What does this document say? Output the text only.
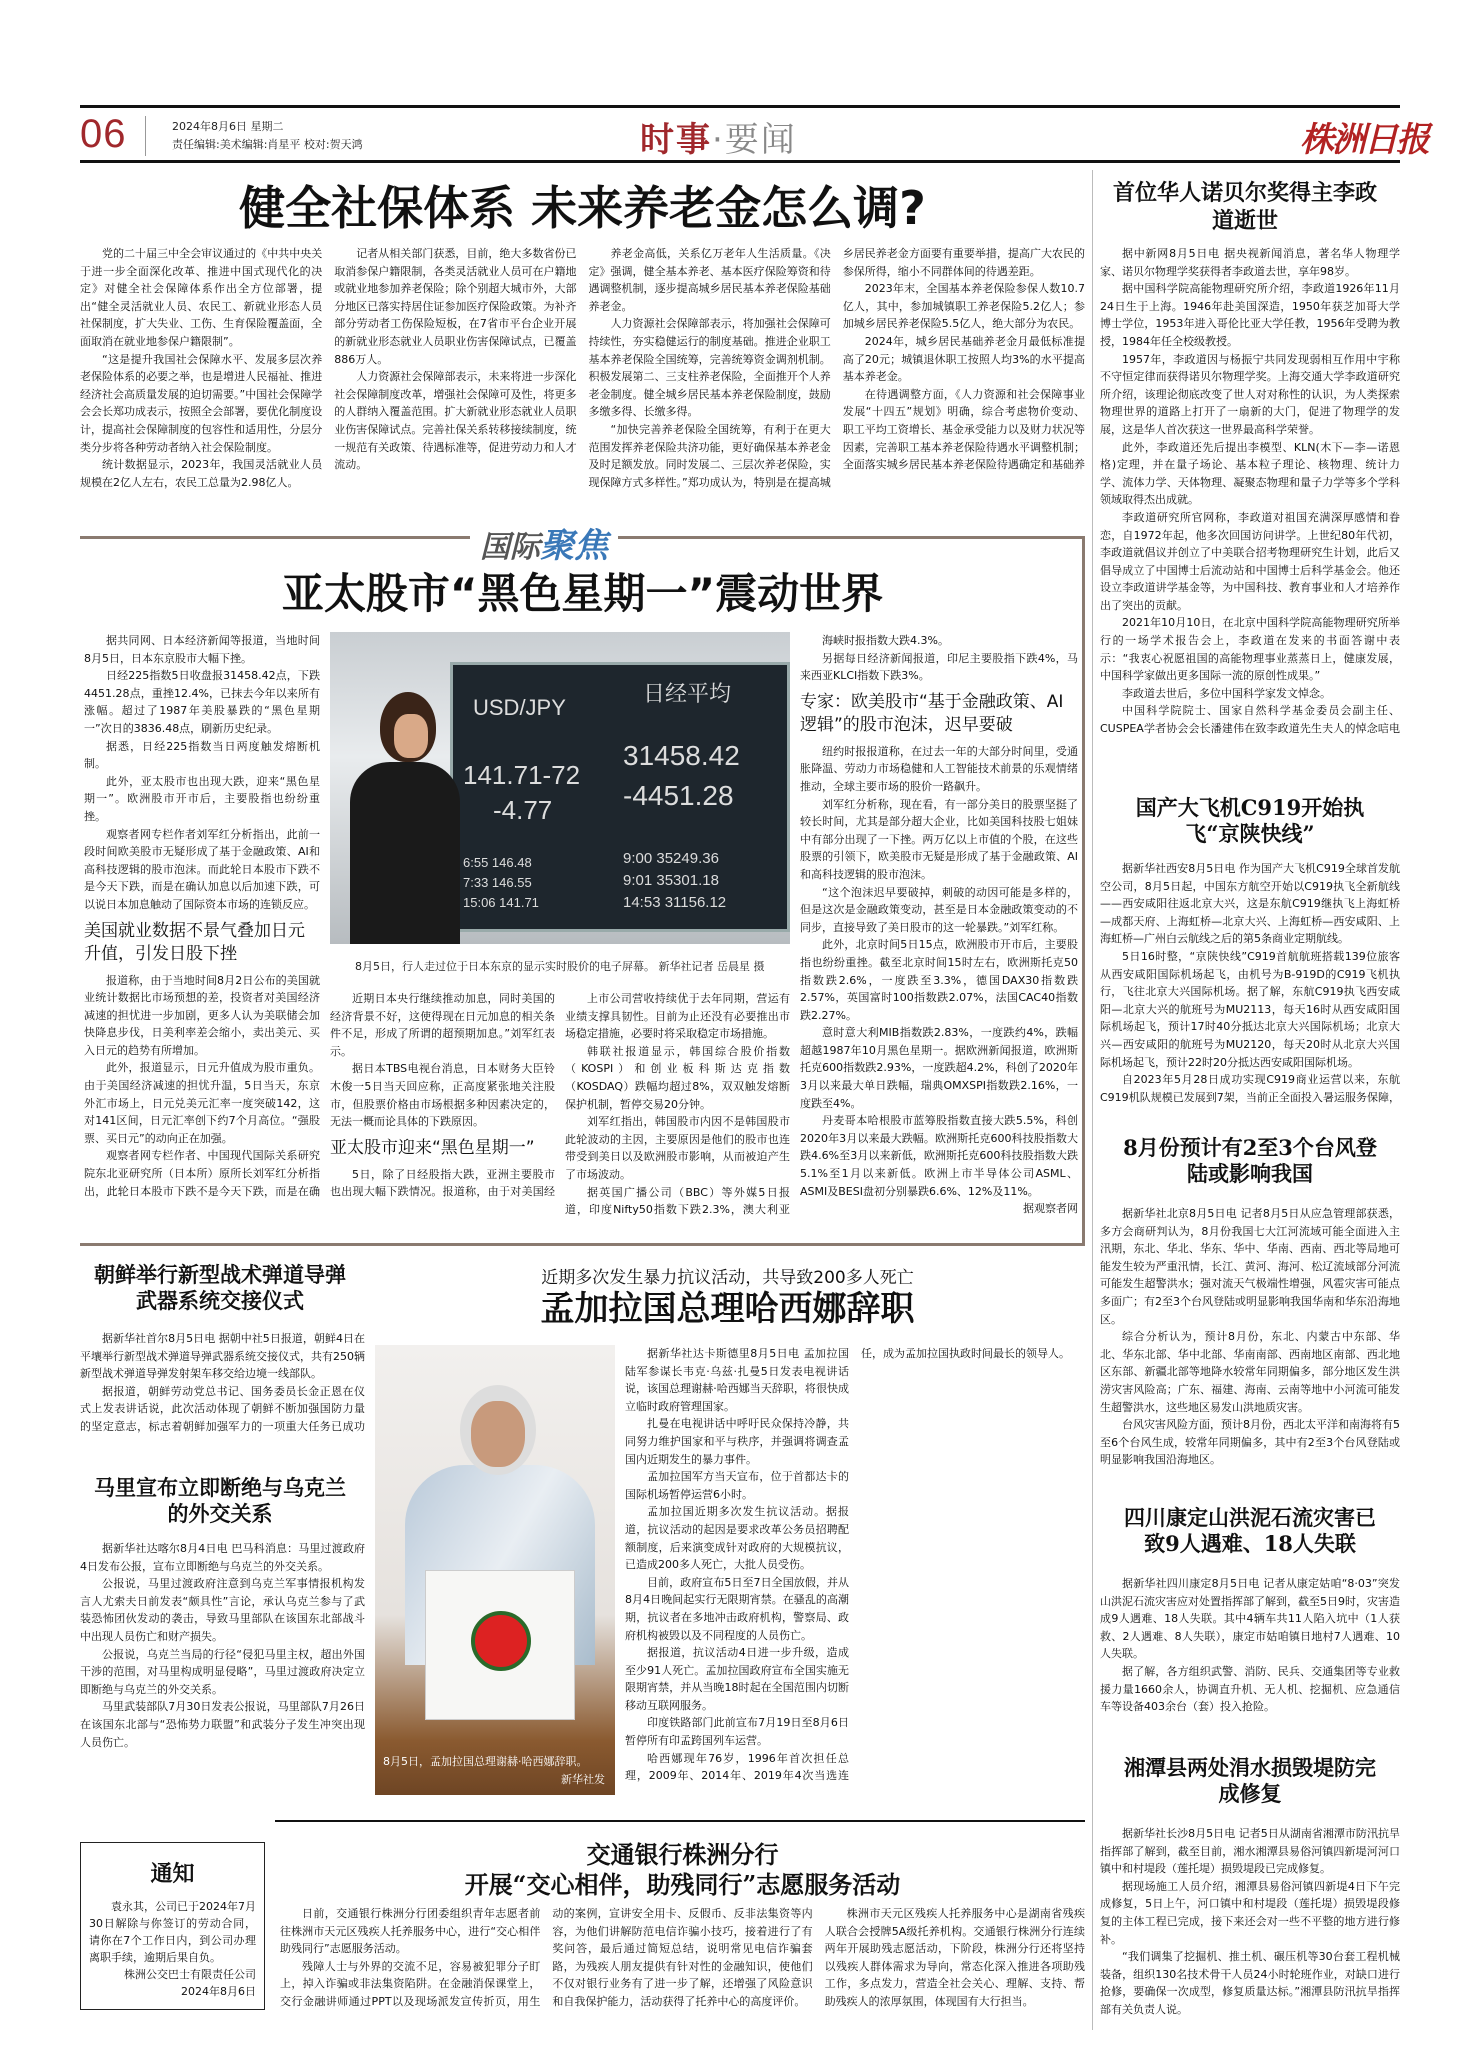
06	2024年8月6日 星期二
责任编辑:美术编辑:肖星平 校对:贺天鸿	时事·要闻	株洲日报
健全社保体系 未来养老金怎么调?

党的二十届三中全会审议通过的《中共中央关于进一步全面深化改革、推进中国式现代化的决定》对健全社会保障体系作出全方位部署，提出“健全灵活就业人员、农民工、新就业形态人员社保制度，扩大失业、工伤、生育保险覆盖面，全面取消在就业地参保户籍限制”。

“这是提升我国社会保障水平、发展多层次养老保险体系的必要之举，也是增进人民福祉、推进经济社会高质量发展的迫切需要。”中国社会保障学会会长郑功成表示，按照全会部署，要优化制度设计，提高社会保障制度的包容性和适用性，分层分类分步将各种劳动者纳入社会保险制度。

统计数据显示，2023年，我国灵活就业人员规模在2亿人左右，农民工总量为2.98亿人。

记者从相关部门获悉，目前，绝大多数省份已取消参保户籍限制，各类灵活就业人员可在户籍地或就业地参加养老保险；除个别超大城市外，大部分地区已落实持居住证参加医疗保险政策。为补齐部分劳动者工伤保险短板，在7省市平台企业开展的新就业形态就业人员职业伤害保障试点，已覆盖886万人。

人力资源社会保障部表示，未来将进一步深化社会保障制度改革，增强社会保障可及性，将更多的人群纳入覆盖范围。扩大新就业形态就业人员职业伤害保障试点。完善社保关系转移接续制度，统一规范有关政策、待遇标准等，促进劳动力和人才流动。

养老金高低，关系亿万老年人生活质量。《决定》强调，健全基本养老、基本医疗保险筹资和待遇调整机制，逐步提高城乡居民基本养老保险基础养老金。

人力资源社会保障部表示，将加强社会保障可持续性，夯实稳健运行的制度基础。推进企业职工基本养老保险全国统筹，完善统筹资金调剂机制。积极发展第二、三支柱养老保险，全面推开个人养老金制度。健全城乡居民基本养老保险制度，鼓励多缴多得、长缴多得。

“加快完善养老保险全国统筹，有利于在更大范围发挥养老保险共济功能，更好确保基本养老金及时足额发放。同时发展二、三层次养老保险，实现保障方式多样性。”郑功成认为，特别是在提高城乡居民养老金方面要有重要举措，提高广大农民的参保所得，缩小不同群体间的待遇差距。

2023年末，全国基本养老保险参保人数10.7亿人，其中，参加城镇职工养老保险5.2亿人；参加城乡居民养老保险5.5亿人，绝大部分为农民。

2024年，城乡居民基础养老金月最低标准提高了20元；城镇退休职工按照人均3%的水平提高基本养老金。

在待遇调整方面，《人力资源和社会保障事业发展“十四五”规划》明确，综合考虑物价变动、职工平均工资增长、基金承受能力以及财力状况等因素，完善职工基本养老保险待遇水平调整机制；全面落实城乡居民基本养老保险待遇确定和基础养

国际聚焦
亚太股市“黑色星期一”震动世界

据共同网、日本经济新闻等报道，当地时间8月5日，日本东京股市大幅下挫。

日经225指数5日收盘报31458.42点，下跌4451.28点，重挫12.4%，已抹去今年以来所有涨幅。超过了1987年美股暴跌的“黑色星期一”次日的3836.48点，刷新历史纪录。

据悉，日经225指数当日两度触发熔断机制。

此外，亚太股市也出现大跌，迎来“黑色星期一”。欧洲股市开市后，主要股指也纷纷重挫。

观察者网专栏作者刘军红分析指出，此前一段时间欧美股市无疑形成了基于金融政策、AI和高科技逻辑的股市泡沫。而此轮日本股市下跌不是今天下跌，而是在确认加息以后加速下跌，可以说日本加息触动了国际资本市场的连锁反应。

美国就业数据不景气叠加日元升值，引发日股下挫

报道称，由于当地时间8月2日公布的美国就业统计数据比市场预想的差，投资者对美国经济减速的担忧进一步加剧，更多人认为美联储会加快降息步伐，日美利率差会缩小，卖出美元、买入日元的趋势有所增加。

此外，报道显示，日元升值成为股市重负。由于美国经济减速的担忧升温，5日当天，东京外汇市场上，日元兑美元汇率一度突破142，这对141区间，日元汇率创下约7个月高位。“强股票、买日元”的动向正在加强。

观察者网专栏作者、中国现代国际关系研究院东北亚研究所（日本所）原所长刘军红分析指出，此轮日本股市下跌不是今天下跌，而是在确

USD/JPY
141.71-72
-4.77
日经平均
31458.42
-4451.28
9:00 35249.36
9:01 35301.18
14:53 31156.12
6:55 146.48
7:33 146.55
15:06 141.71
8月5日，行人走过位于日本东京的显示实时股价的电子屏幕。 新华社记者 岳晨星 摄

近期日本央行继续推动加息，同时美国的经济背景不好，这使得现在日元加息的相关条件不足，形成了所谓的超预期加息。”刘军红表示。

据日本TBS电视台消息，日本财务大臣铃木俊一5日当天回应称，正高度紧张地关注股市，但股票价格由市场根据多种因素决定的，无法一概而论具体的下跌原因。

亚太股市迎来“黑色星期一”

5日，除了日经股指大跌，亚洲主要股市也出现大幅下跌情况。报道称，由于对美国经

上市公司营收持续优于去年同期，营运有业绩支撑具韧性。目前为止还没有必要推出市场稳定措施，必要时将采取稳定市场措施。

韩联社报道显示，韩国综合股价指数（KOSPI）和创业板科斯达克指数（KOSDAQ）跌幅均超过8%，双双触发熔断保护机制，暂停交易20分钟。

刘军红指出，韩国股市内因不是韩国股市此轮波动的主因，主要原因是他们的股市也连带受到美日以及欧洲股市影响，从而被迫产生了市场波动。

据英国广播公司（BBC）等外媒5日报道，印度Nifty50指数下跌2.3%，澳大利亚

海峡时报指数大跌4.3%。

另据每日经济新闻报道，印尼主要股指下跌4%，马来西亚KLCI指数下跌3%。

专家：欧美股市“基于金融政策、AI逻辑”的股市泡沫，迟早要破

纽约时报报道称，在过去一年的大部分时间里，受通胀降温、劳动力市场稳健和人工智能技术前景的乐观情绪推动，全球主要市场的股价一路飙升。

刘军红分析称，现在看，有一部分美日的股票坚挺了较长时间，尤其是部分超大企业，比如美国科技股七姐妹中有部分出现了一下挫。两万亿以上市值的个股，在这些股票的引领下，欧美股市无疑是形成了基于金融政策、AI和高科技逻辑的股市泡沫。

“这个泡沫迟早要破掉，刺破的动因可能是多样的，但是这次是金融政策变动，甚至是日本金融政策变动的不同步，直接导致了美日股市的这一轮暴跌。”刘军红称。

此外，北京时间5日15点，欧洲股市开市后，主要股指也纷纷重挫。截至北京时间15时左右，欧洲斯托克50指数跌2.6%，一度跌至3.3%，德国DAX30指数跌2.57%，英国富时100指数跌2.07%，法国CAC40指数跌2.27%。

意时意大利MIB指数跌2.83%，一度跌约4%，跌幅超越1987年10月黑色星期一。据欧洲新闻报道，欧洲斯托克600指数跌2.93%，一度跌超4.2%，科创了2020年3月以来最大单日跌幅，瑞典OMXSPI指数跌2.16%，一度跌至4%。

丹麦哥本哈根股市蓝筹股指数直接大跌5.5%，科创2020年3月以来最大跌幅。欧洲斯托克600科技股指数大跌4.6%至3月以来新低，欧洲斯托克600科技股指数大跌5.1%至1月以来新低。欧洲上市半导体公司ASML、ASMI及BESI盘初分别暴跌6.6%、12%及11%。

据观察者网

朝鲜举行新型战术弹道导弹武器系统交接仪式

据新华社首尔8月5日电 据朝中社5日报道，朝鲜4日在平壤举行新型战术弹道导弹武器系统交接仪式，共有250辆新型战术弹道导弹发射架车移交给边境一线部队。

据报道，朝鲜劳动党总书记、国务委员长金正恩在仪式上发表讲话说，此次活动体现了朝鲜不断加强国防力量的坚定意志，标志着朝鲜加强军力的一项重大任务已成功

马里宣布立即断绝与乌克兰的外交关系

据新华社达喀尔8月4日电 巴马科消息：马里过渡政府4日发布公报，宣布立即断绝与乌克兰的外交关系。

公报说，马里过渡政府注意到乌克兰军事情报机构发言人尤索夫日前发表“颇具性”言论，承认乌克兰参与了武装恐怖团伙发动的袭击，导致马里部队在该国东北部战斗中出现人员伤亡和财产损失。

公报说，乌克兰当局的行径“侵犯马里主权，超出外国干涉的范围，对马里构成明显侵略”，马里过渡政府决定立即断绝与乌克兰的外交关系。

马里武装部队7月30日发表公报说，马里部队7月26日在该国东北部与“恐怖势力联盟”和武装分子发生冲突出现人员伤亡。

近期多次发生暴力抗议活动，共导致200多人死亡
孟加拉国总理哈西娜辞职
8月5日，孟加拉国总理谢赫·哈西娜辞职。
新华社发

据新华社达卡斯德里8月5日电 孟加拉国陆军参谋长韦克·乌兹·扎曼5日发表电视讲话说，该国总理谢赫·哈西娜当天辞职，将很快成立临时政府管理国家。

扎曼在电视讲话中呼吁民众保持冷静，共同努力维护国家和平与秩序，并强调将调查孟国内近期发生的暴力事件。

孟加拉国军方当天宣布，位于首都达卡的国际机场暂停运营6小时。

孟加拉国近期多次发生抗议活动。据报道，抗议活动的起因是要求改革公务员招聘配额制度，后来演变成针对政府的大规模抗议，已造成200多人死亡，大批人员受伤。

目前，政府宣布5日至7日全国放假，并从8月4日晚间起实行无限期宵禁。在骚乱的高潮期，抗议者在多地冲击政府机构，警察局、政府机构被毁以及不同程度的人员伤亡。

据报道，抗议活动4日进一步升级，造成至少91人死亡。孟加拉国政府宣布全国实施无限期宵禁，并从当晚18时起在全国范围内切断移动互联网服务。

印度铁路部门此前宣布7月19日至8月6日暂停所有印孟跨国列车运营。

哈西娜现年76岁，1996年首次担任总理，2009年、2014年、2019年4次当选连任，成为孟加拉国执政时间最长的领导人。

通知

袁永其，公司已于2024年7月30日解除与你签订的劳动合同，请你在7个工作日内，到公司办理离职手续，逾期后果自负。

株洲公交巴士有限责任公司

2024年8月6日

交通银行株洲分行
开展“交心相伴，助残同行”志愿服务活动

日前，交通银行株洲分行团委组织青年志愿者前往株洲市天元区残疾人托养服务中心，进行“交心相伴 助残同行”志愿服务活动。

残障人士与外界的交流不足，容易被犯罪分子盯上，掉入诈骗或非法集资陷阱。在金融消保课堂上，交行金融讲师通过PPT以及现场派发宣传折页，用生动的案例，宣讲安全用卡、反假币、反非法集资等内容，为他们讲解防范电信诈骗小技巧，接着进行了有奖问答，最后通过简短总结，说明常见电信诈骗套路，为残疾人朋友提供有针对性的金融知识，使他们不仅对银行业务有了进一步了解，还增强了风险意识和自我保护能力，活动获得了托养中心的高度评价。

株洲市天元区残疾人托养服务中心是湖南省残疾人联合会授牌5A级托养机构。交通银行株洲分行连续两年开展助残志愿活动，下阶段，株洲分行还将坚持以残疾人群体需求为导向，常态化深入推进各项助残工作，多点发力，营造全社会关心、理解、支持、帮助残疾人的浓厚氛围，体现国有大行担当。

首位华人诺贝尔奖得主李政道逝世

据中新网8月5日电 据央视新闻消息，著名华人物理学家、诺贝尔物理学奖获得者李政道去世，享年98岁。

据中国科学院高能物理研究所介绍，李政道1926年11月24日生于上海。1946年赴美国深造，1950年获芝加哥大学博士学位，1953年进入哥伦比亚大学任教，1956年受聘为教授，1984年任全校级教授。

1957年，李政道因与杨振宁共同发现弱相互作用中宇称不守恒定律而获得诺贝尔物理学奖。上海交通大学李政道研究所介绍，该理论彻底改变了世人对对称性的认识，为人类探索物理世界的道路上打开了一扇新的大门，促进了物理学的发展，这是华人首次获这一世界最高科学荣誉。

此外，李政道还先后提出李模型、KLN(木下—李—诺恩格)定理，并在量子场论、基本粒子理论、核物理、统计力学、流体力学、天体物理、凝聚态物理和量子力学等多个学科领域取得杰出成就。

李政道研究所官网称，李政道对祖国充满深厚感情和眷恋，自1972年起，他多次回国访问讲学。上世纪80年代初，李政道就倡议并创立了中美联合招考物理研究生计划，此后又倡导成立了中国博士后流动站和中国博士后科学基金会。他还设立李政道讲学基金等，为中国科技、教育事业和人才培养作出了突出的贡献。

2021年10月10日，在北京中国科学院高能物理研究所举行的一场学术报告会上，李政道在发来的书面答谢中表示：“我衷心祝愿祖国的高能物理事业蒸蒸日上，健康发展，中国科学家做出更多国际一流的原创性成果。”

李政道去世后，多位中国科学家发文悼念。

中国科学院院士、国家自然科学基金委员会副主任、CUSPEA学者协会会长潘建伟在致李政道先生夫人的悼念唁电

国产大飞机C919开始执飞“京陕快线”

据新华社西安8月5日电 作为国产大飞机C919全球首发航空公司，8月5日起，中国东方航空开始以C919执飞全新航线——西安咸阳往返北京大兴，这是东航C919继执飞上海虹桥—成都天府、上海虹桥—北京大兴、上海虹桥—西安咸阳、上海虹桥—广州白云航线之后的第5条商业定期航线。

5日16时整，“京陕快线”C919首航航班搭载139位旅客从西安咸阳国际机场起飞，由机号为B-919D的C919飞机执行，飞往北京大兴国际机场。据了解，东航C919执飞西安咸阳—北京大兴的航班号为MU2113，每天16时从西安咸阳国际机场起飞，预计17时40分抵达北京大兴国际机场；北京大兴—西安咸阳的航班号为MU2120，每天20时从北京大兴国际机场起飞，预计22时20分抵达西安咸阳国际机场。

自2023年5月28日成功实现C919商业运营以来，东航C919机队规模已发展到7架，当前正全面投入暑运服务保障，

8月份预计有2至3个台风登陆或影响我国

据新华社北京8月5日电 记者8月5日从应急管理部获悉，多方会商研判认为，8月份我国七大江河流域可能全面进入主汛期，东北、华北、华东、华中、华南、西南、西北等局地可能发生较为严重汛情，长江、黄河、海河、松辽流域部分河流可能发生超警洪水；强对流天气极端性增强，风雹灾害可能点多面广；有2至3个台风登陆或明显影响我国华南和华东沿海地区。

综合分析认为，预计8月份，东北、内蒙古中东部、华北、华东北部、华中北部、华南南部、西南地区南部、西北地区东部、新疆北部等地降水较常年同期偏多，部分地区发生洪涝灾害风险高；广东、福建、海南、云南等地中小河流可能发生超警洪水，这些地区易发山洪地质灾害。

台风灾害风险方面，预计8月份，西北太平洋和南海将有5至6个台风生成，较常年同期偏多，其中有2至3个台风登陆或明显影响我国沿海地区。

四川康定山洪泥石流灾害已致9人遇难、18人失联

据新华社四川康定8月5日电 记者从康定姑咱“8·03”突发山洪泥石流灾害应对处置指挥部了解到，截至5日9时，灾害造成9人遇难、18人失联。其中4辆车共11人陷入坑中（1人获救、2人遇难、8人失联），康定市姑咱镇日地村7人遇难、10人失联。

据了解，各方组织武警、消防、民兵、交通集团等专业救援力量1660余人，协调直升机、无人机、挖掘机、应急通信车等设备403余台（套）投入抢险。

湘潭县两处涓水损毁堤防完成修复

据新华社长沙8月5日电 记者5日从湖南省湘潭市防汛抗旱指挥部了解到，截至目前，湘水湘潭县易俗河镇四新堤河河口镇中和村堤段（莲托堤）损毁堤段已完成修复。

据现场施工人员介绍，湘潭县易俗河镇四新堤4日下午完成修复，5日上午，河口镇中和村堤段（莲托堤）损毁堤段修复的主体工程已完成，接下来还会对一些不平整的地方进行修补。

“我们调集了挖掘机、推土机、碾压机等30台套工程机械装备，组织130名技术骨干人员24小时轮班作业，对缺口进行抢修，要确保一次成型，修复质量达标。”湘潭县防汛抗旱指挥部有关负责人说。
